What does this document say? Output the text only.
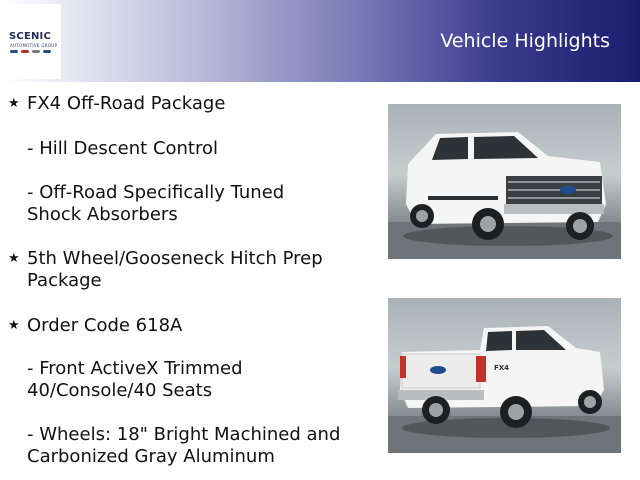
SCENIC
AUTOMOTIVE GROUP	Vehicle Highlights
★ FX4 Off-Road Package
- Hill Descent Control
- Off-Road Specifically Tuned Shock Absorbers
★ 5th Wheel/Gooseneck Hitch Prep Package
★ Order Code 618A
- Front ActiveX Trimmed 40/Console/40 Seats
- Wheels: 18" Bright Machined and Carbonized Gray Aluminum
FX4
